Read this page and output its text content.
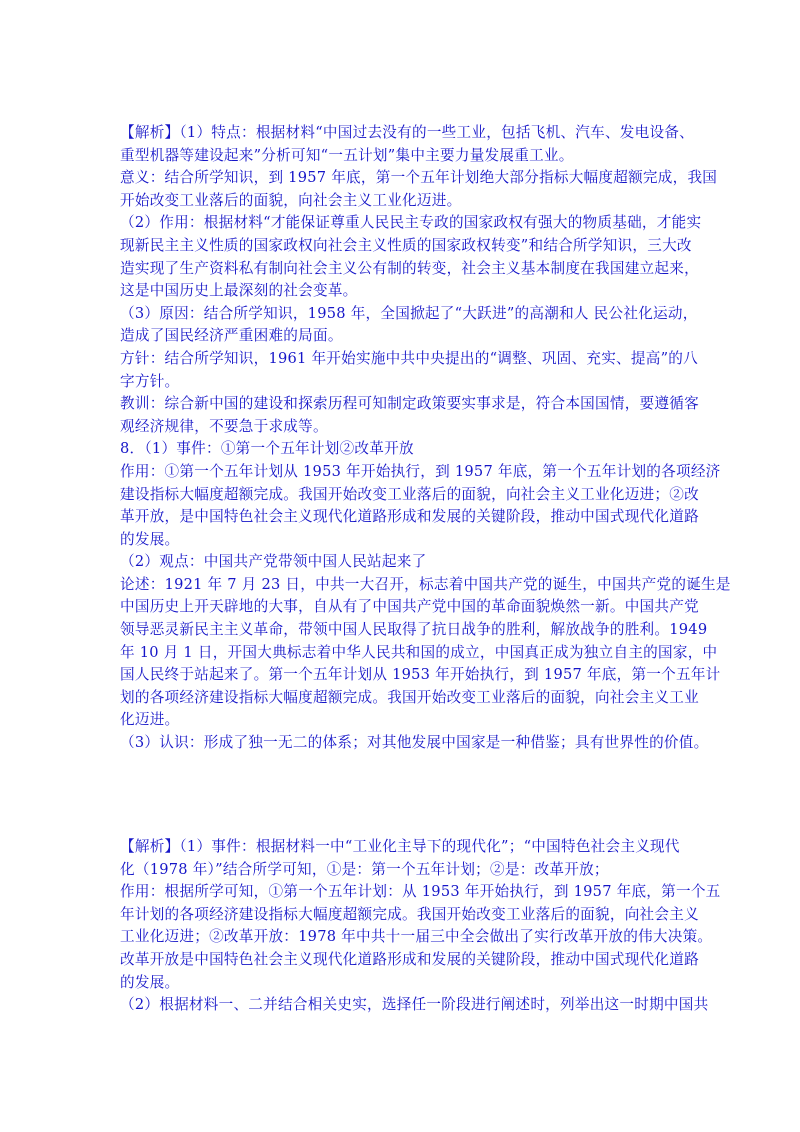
【解析】（1）特点：根据材料“中国过去没有的一些工业，包括飞机、汽车、发电设备、
重型机器等建设起来”分析可知“一五计划”集中主要力量发展重工业。
意义：结合所学知识，到 1957 年底，第一个五年计划绝大部分指标大幅度超额完成，我国
开始改变工业落后的面貌，向社会主义工业化迈进。
（2）作用：根据材料“才能保证尊重人民民主专政的国家政权有强大的物质基础，才能实
现新民主主义性质的国家政权向社会主义性质的国家政权转变”和结合所学知识，三大改
造实现了生产资料私有制向社会主义公有制的转变，社会主义基本制度在我国建立起来，
这是中国历史上最深刻的社会变革。
（3）原因：结合所学知识，1958 年，全国掀起了“大跃进”的高潮和人 民公社化运动，
造成了国民经济严重困难的局面。
方针：结合所学知识，1961 年开始实施中共中央提出的“调整、巩固、充实、提高”的八
字方针。
教训：综合新中国的建设和探索历程可知制定政策要实事求是，符合本国国情，要遵循客
观经济规律，不要急于求成等。
8．（1）事件：①第一个五年计划②改革开放
作用：①第一个五年计划从 1953 年开始执行，到 1957 年底，第一个五年计划的各项经济
建设指标大幅度超额完成。我国开始改变工业落后的面貌，向社会主义工业化迈进；②改
革开放，是中国特色社会主义现代化道路形成和发展的关键阶段，推动中国式现代化道路
的发展。
（2）观点：中国共产党带领中国人民站起来了
论述：1921 年 7 月 23 日，中共一大召开，标志着中国共产党的诞生，中国共产党的诞生是
中国历史上开天辟地的大事，自从有了中国共产党中国的革命面貌焕然一新。中国共产党
领导恶灵新民主主义革命，带领中国人民取得了抗日战争的胜利，解放战争的胜利。1949
年 10 月 1 日，开国大典标志着中华人民共和国的成立，中国真正成为独立自主的国家，中
国人民终于站起来了。第一个五年计划从 1953 年开始执行，到 1957 年底，第一个五年计
划的各项经济建设指标大幅度超额完成。我国开始改变工业落后的面貌，向社会主义工业
化迈进。
（3）认识：形成了独一无二的体系；对其他发展中国家是一种借鉴；具有世界性的价值。
【解析】（1）事件：根据材料一中“工业化主导下的现代化”；“中国特色社会主义现代
化（1978 年）”结合所学可知，①是：第一个五年计划；②是：改革开放；
作用：根据所学可知，①第一个五年计划：从 1953 年开始执行，到 1957 年底，第一个五
年计划的各项经济建设指标大幅度超额完成。我国开始改变工业落后的面貌，向社会主义
工业化迈进；②改革开放：1978 年中共十一届三中全会做出了实行改革开放的伟大决策。
改革开放是中国特色社会主义现代化道路形成和发展的关键阶段，推动中国式现代化道路
的发展。
（2）根据材料一、二并结合相关史实，选择任一阶段进行阐述时，列举出这一时期中国共
